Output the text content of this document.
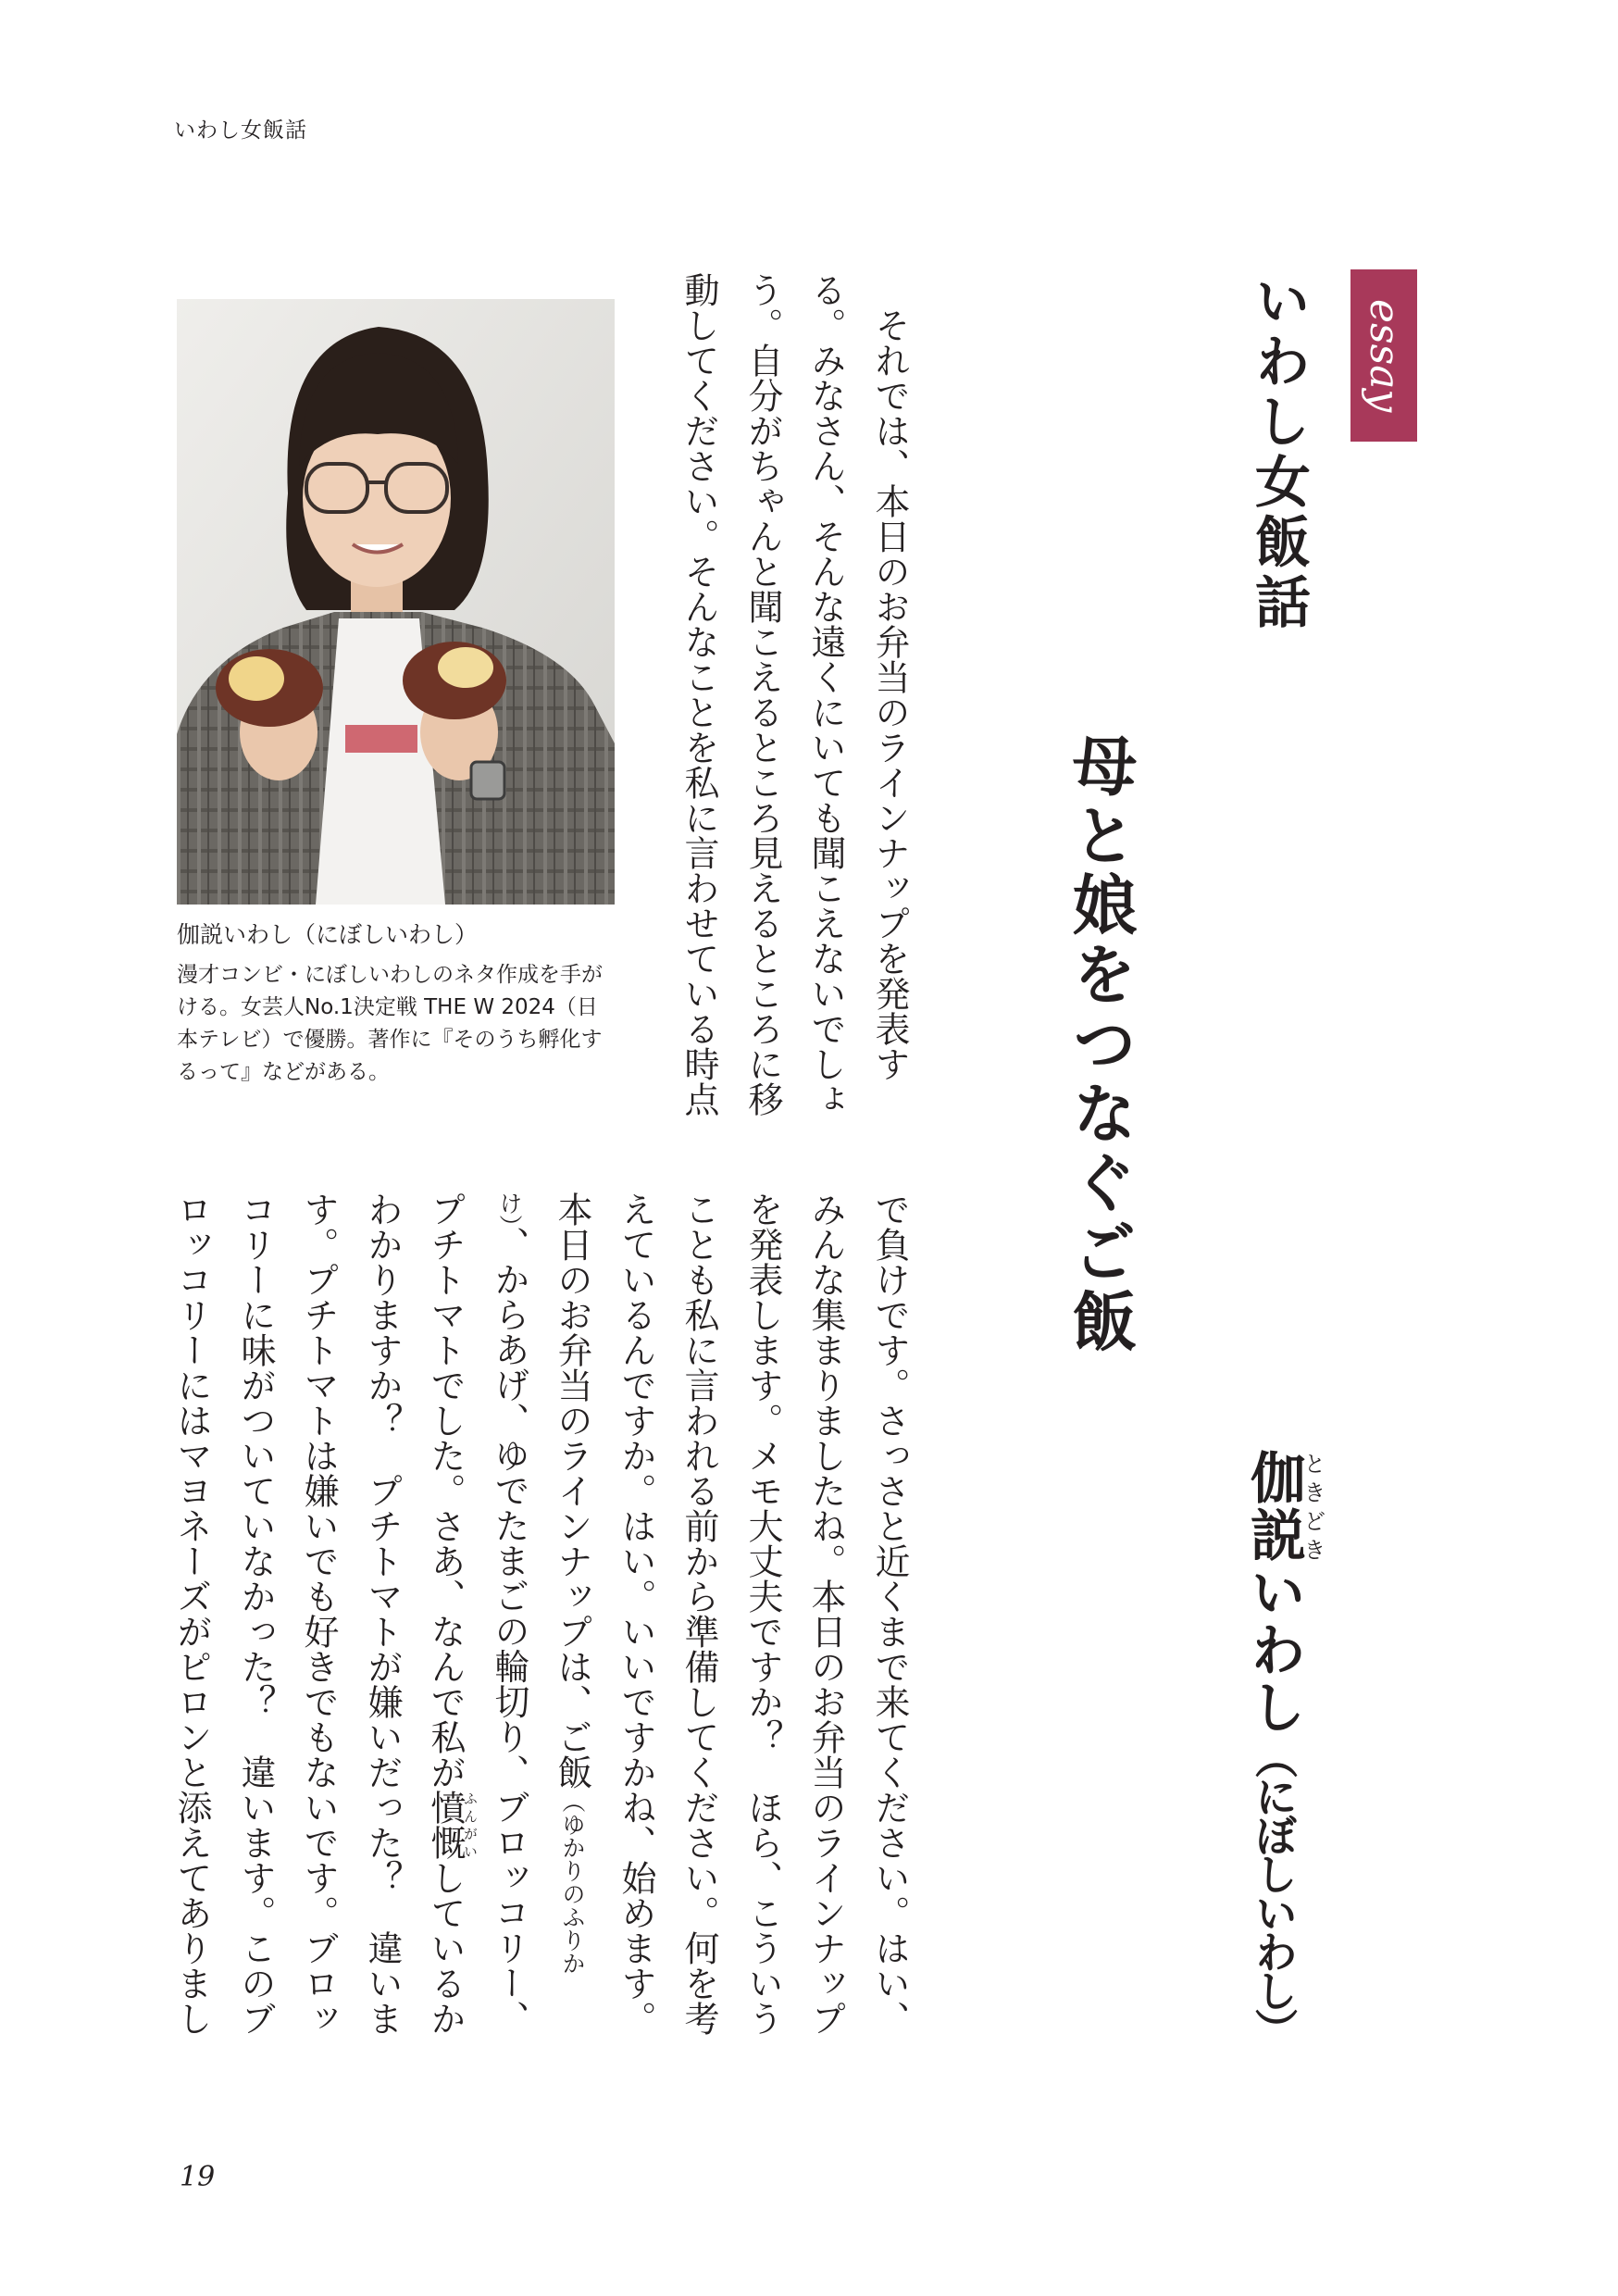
いわし女飯話
essay
いわし女飯話
母と娘をつなぐご飯
伽説ときどきいわし（にぼしいわし）
それでは、本日のお弁当のラインナップを発表す
る。みなさん、そんな遠くにいても聞こえないでしょ
う。自分がちゃんと聞こえるところ見えるところに移
動してください。そんなことを私に言わせている時点
で負けです。さっさと近くまで来てください。はい、
みんな集まりましたね。本日のお弁当のラインナップ
を発表します。メモ大丈夫ですか？　ほら、こういう
ことも私に言われる前から準備してください。何を考
えているんですか。はい。いいですかね、始めます。
本日のお弁当のラインナップは、ご飯（ゆかりのふりか
け）、からあげ、ゆでたまごの輪切り、ブロッコリー、
プチトマトでした。さあ、なんで私が憤慨ふんがいしているか
わかりますか？　プチトマトが嫌いだった？　違いま
す。プチトマトは嫌いでも好きでもないです。ブロッ
コリーに味がついていなかった？　違います。このブ
ロッコリーにはマヨネーズがピロンと添えてありまし
伽説いわし（にぼしいわし）
漫才コンビ・にぼしいわしのネタ作成を手が
ける。女芸人No.1決定戦 THE W 2024（日
本テレビ）で優勝。著作に『そのうち孵化す
るって』などがある。
19
